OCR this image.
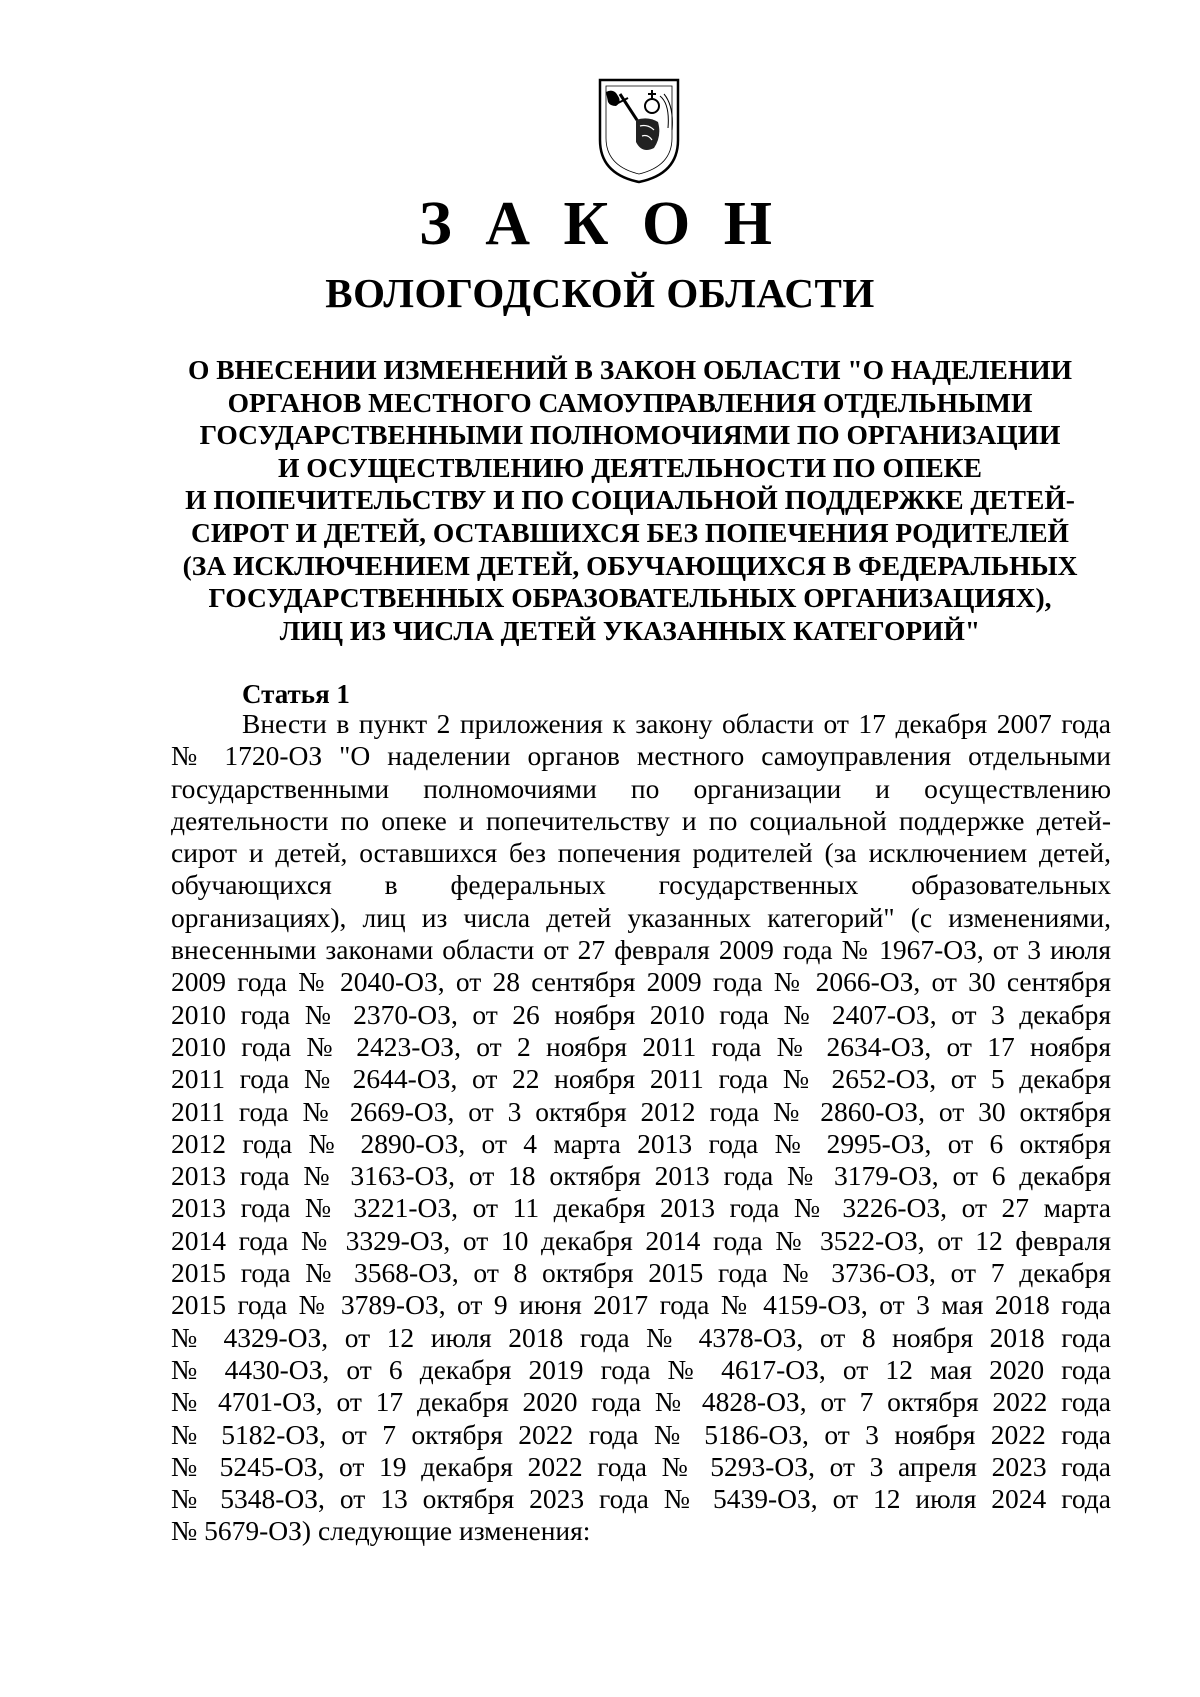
З А К О Н
ВОЛОГОДСКОЙ ОБЛАСТИ
О ВНЕСЕНИИ ИЗМЕНЕНИЙ В ЗАКОН ОБЛАСТИ "О НАДЕЛЕНИИ
ОРГАНОВ МЕСТНОГО САМОУПРАВЛЕНИЯ ОТДЕЛЬНЫМИ
ГОСУДАРСТВЕННЫМИ ПОЛНОМОЧИЯМИ ПО ОРГАНИЗАЦИИ
И ОСУЩЕСТВЛЕНИЮ ДЕЯТЕЛЬНОСТИ ПО ОПЕКЕ
И ПОПЕЧИТЕЛЬСТВУ И ПО СОЦИАЛЬНОЙ ПОДДЕРЖКЕ ДЕТЕЙ-
СИРОТ И ДЕТЕЙ, ОСТАВШИХСЯ БЕЗ ПОПЕЧЕНИЯ РОДИТЕЛЕЙ
(ЗА ИСКЛЮЧЕНИЕМ ДЕТЕЙ, ОБУЧАЮЩИХСЯ В ФЕДЕРАЛЬНЫХ
ГОСУДАРСТВЕННЫХ ОБРАЗОВАТЕЛЬНЫХ ОРГАНИЗАЦИЯХ),
ЛИЦ ИЗ ЧИСЛА ДЕТЕЙ УКАЗАННЫХ КАТЕГОРИЙ"
Статья 1
Внести в пункт 2 приложения к закону области от 17 декабря 2007 года
№ 1720-ОЗ "О наделении органов местного самоуправления отдельными
государственными полномочиями по организации и осуществлению
деятельности по опеке и попечительству и по социальной поддержке детей-
сирот и детей, оставшихся без попечения родителей (за исключением детей,
обучающихся в федеральных государственных образовательных
организациях), лиц из числа детей указанных категорий" (с изменениями,
внесенными законами области от 27 февраля 2009 года № 1967-ОЗ, от 3 июля
2009 года № 2040-ОЗ, от 28 сентября 2009 года № 2066-ОЗ, от 30 сентября
2010 года № 2370-ОЗ, от 26 ноября 2010 года № 2407-ОЗ, от 3 декабря
2010 года № 2423-ОЗ, от 2 ноября 2011 года № 2634-ОЗ, от 17 ноября
2011 года № 2644-ОЗ, от 22 ноября 2011 года № 2652-ОЗ, от 5 декабря
2011 года № 2669-ОЗ, от 3 октября 2012 года № 2860-ОЗ, от 30 октября
2012 года № 2890-ОЗ, от 4 марта 2013 года № 2995-ОЗ, от 6 октября
2013 года № 3163-ОЗ, от 18 октября 2013 года № 3179-ОЗ, от 6 декабря
2013 года № 3221-ОЗ, от 11 декабря 2013 года № 3226-ОЗ, от 27 марта
2014 года № 3329-ОЗ, от 10 декабря 2014 года № 3522-ОЗ, от 12 февраля
2015 года № 3568-ОЗ, от 8 октября 2015 года № 3736-ОЗ, от 7 декабря
2015 года № 3789-ОЗ, от 9 июня 2017 года № 4159-ОЗ, от 3 мая 2018 года
№ 4329-ОЗ, от 12 июля 2018 года № 4378-ОЗ, от 8 ноября 2018 года
№ 4430-ОЗ, от 6 декабря 2019 года № 4617-ОЗ, от 12 мая 2020 года
№ 4701-ОЗ, от 17 декабря 2020 года № 4828-ОЗ, от 7 октября 2022 года
№ 5182-ОЗ, от 7 октября 2022 года № 5186-ОЗ, от 3 ноября 2022 года
№ 5245-ОЗ, от 19 декабря 2022 года № 5293-ОЗ, от 3 апреля 2023 года
№ 5348-ОЗ, от 13 октября 2023 года № 5439-ОЗ, от 12 июля 2024 года
№ 5679-ОЗ) следующие изменения:
